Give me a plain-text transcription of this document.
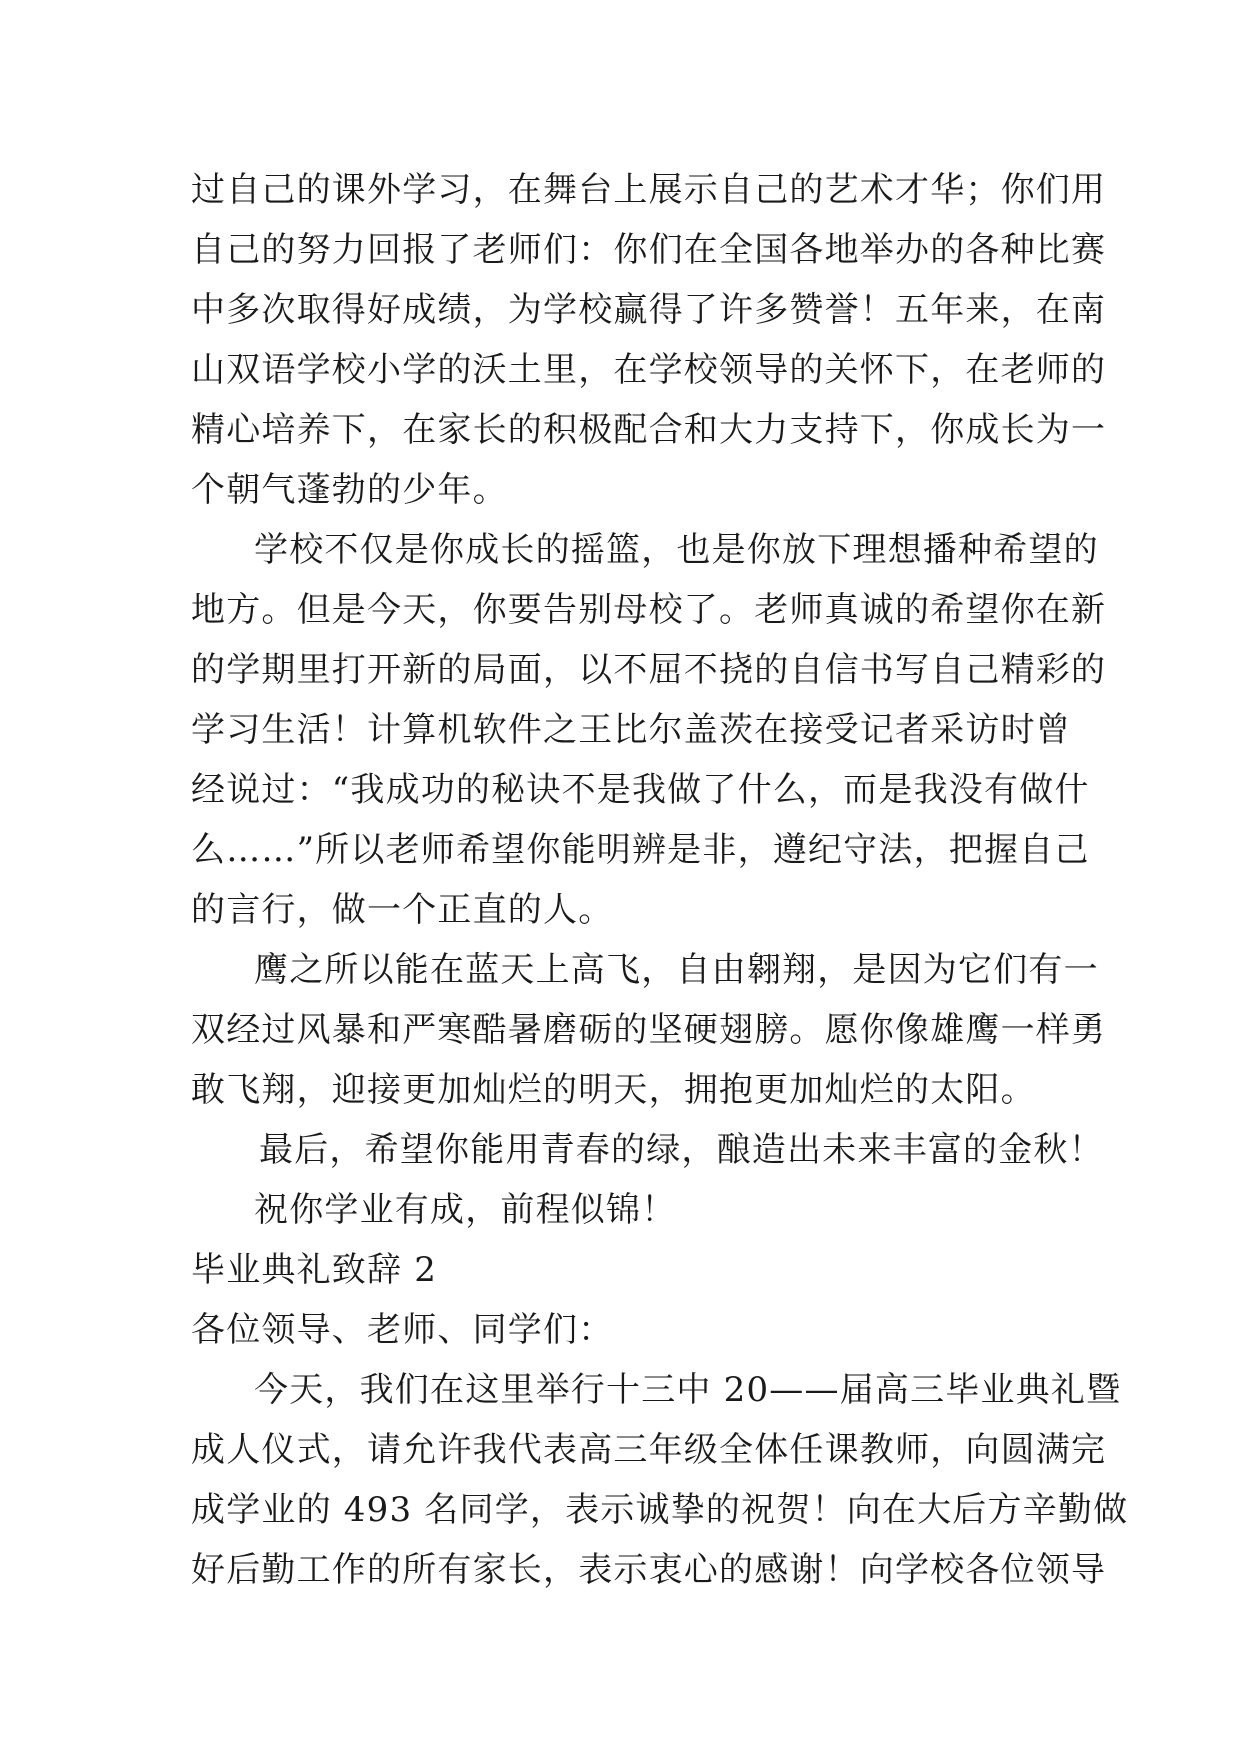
过自己的课外学习，在舞台上展示自己的艺术才华；你们用
自己的努力回报了老师们：你们在全国各地举办的各种比赛
中多次取得好成绩，为学校赢得了许多赞誉！五年来，在南
山双语学校小学的沃土里，在学校领导的关怀下，在老师的
精心培养下，在家长的积极配合和大力支持下，你成长为一
个朝气蓬勃的少年。
学校不仅是你成长的摇篮，也是你放下理想播种希望的
地方。但是今天，你要告别母校了。老师真诚的希望你在新
的学期里打开新的局面，以不屈不挠的自信书写自己精彩的
学习生活！计算机软件之王比尔盖茨在接受记者采访时曾
经说过：“我成功的秘诀不是我做了什么，而是我没有做什
么……”所以老师希望你能明辨是非，遵纪守法，把握自己
的言行，做一个正直的人。
鹰之所以能在蓝天上高飞，自由翱翔，是因为它们有一
双经过风暴和严寒酷暑磨砺的坚硬翅膀。愿你像雄鹰一样勇
敢飞翔，迎接更加灿烂的明天，拥抱更加灿烂的太阳。
最后，希望你能用青春的绿，酿造出未来丰富的金秋！
祝你学业有成，前程似锦！
毕业典礼致辞 2
各位领导、老师、同学们：
今天，我们在这里举行十三中 20——届高三毕业典礼暨
成人仪式，请允许我代表高三年级全体任课教师，向圆满完
成学业的 493 名同学，表示诚挚的祝贺！向在大后方辛勤做
好后勤工作的所有家长，表示衷心的感谢！向学校各位领导
